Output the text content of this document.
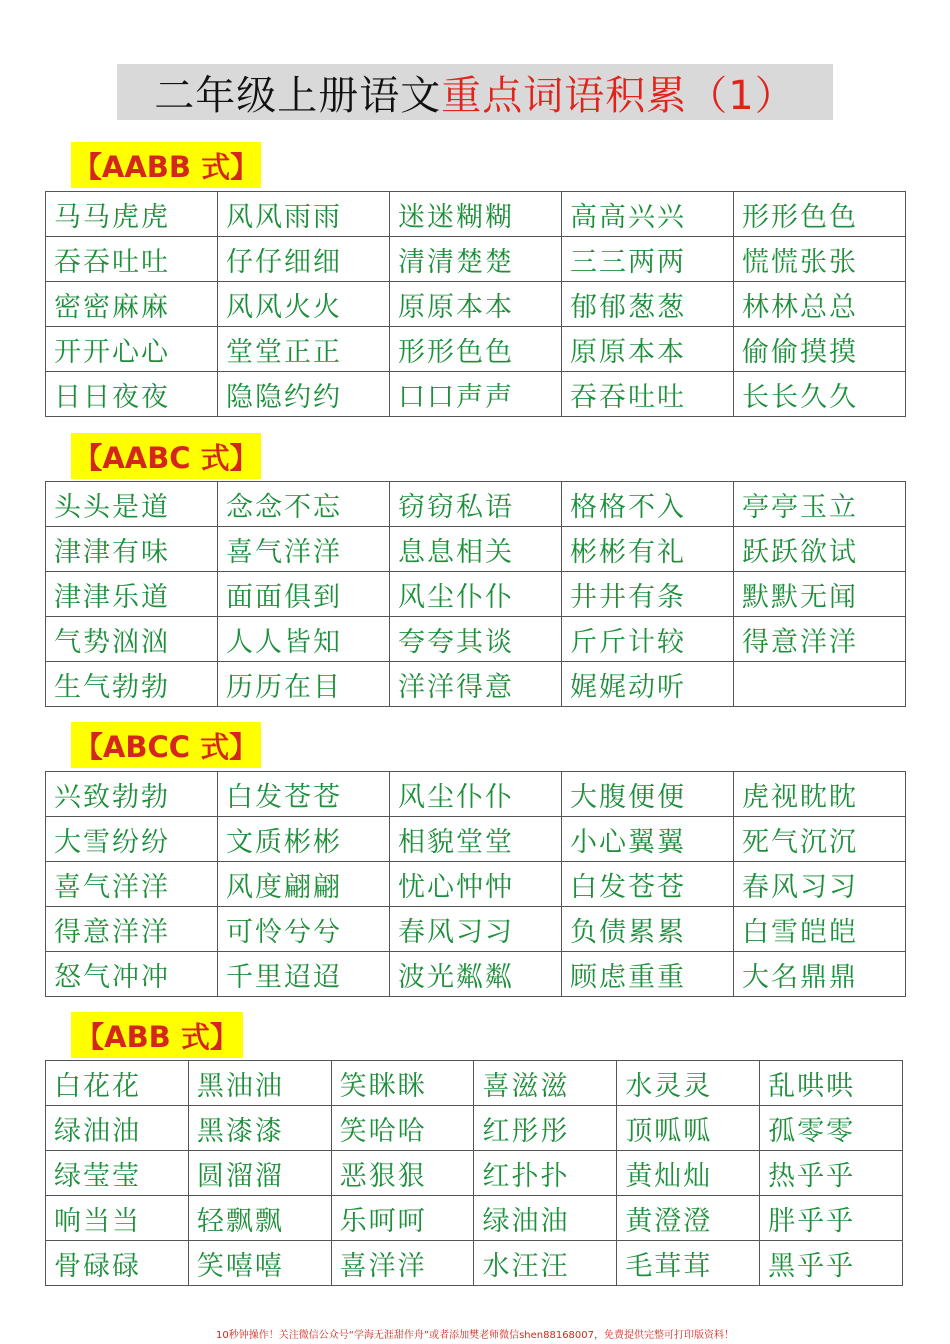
二年级上册语文 重点词语积累（1）
【AABB 式】
马马虎虎	风风雨雨	迷迷糊糊	高高兴兴	形形色色
吞吞吐吐	仔仔细细	清清楚楚	三三两两	慌慌张张
密密麻麻	风风火火	原原本本	郁郁葱葱	林林总总
开开心心	堂堂正正	形形色色	原原本本	偷偷摸摸
日日夜夜	隐隐约约	口口声声	吞吞吐吐	长长久久
【AABC 式】
头头是道	念念不忘	窃窃私语	格格不入	亭亭玉立
津津有味	喜气洋洋	息息相关	彬彬有礼	跃跃欲试
津津乐道	面面俱到	风尘仆仆	井井有条	默默无闻
气势汹汹	人人皆知	夸夸其谈	斤斤计较	得意洋洋
生气勃勃	历历在目	洋洋得意	娓娓动听	
【ABCC 式】
兴致勃勃	白发苍苍	风尘仆仆	大腹便便	虎视眈眈
大雪纷纷	文质彬彬	相貌堂堂	小心翼翼	死气沉沉
喜气洋洋	风度翩翩	忧心忡忡	白发苍苍	春风习习
得意洋洋	可怜兮兮	春风习习	负债累累	白雪皑皑
怒气冲冲	千里迢迢	波光粼粼	顾虑重重	大名鼎鼎
【ABB 式】
白花花	黑油油	笑眯眯	喜滋滋	水灵灵	乱哄哄
绿油油	黑漆漆	笑哈哈	红彤彤	顶呱呱	孤零零
绿莹莹	圆溜溜	恶狠狠	红扑扑	黄灿灿	热乎乎
响当当	轻飘飘	乐呵呵	绿油油	黄澄澄	胖乎乎
骨碌碌	笑嘻嘻	喜洋洋	水汪汪	毛茸茸	黑乎乎
10秒钟操作！关注微信公众号“学海无涯甜作舟”或者添加樊老师微信shen88168007，免费提供完整可打印版资料！
